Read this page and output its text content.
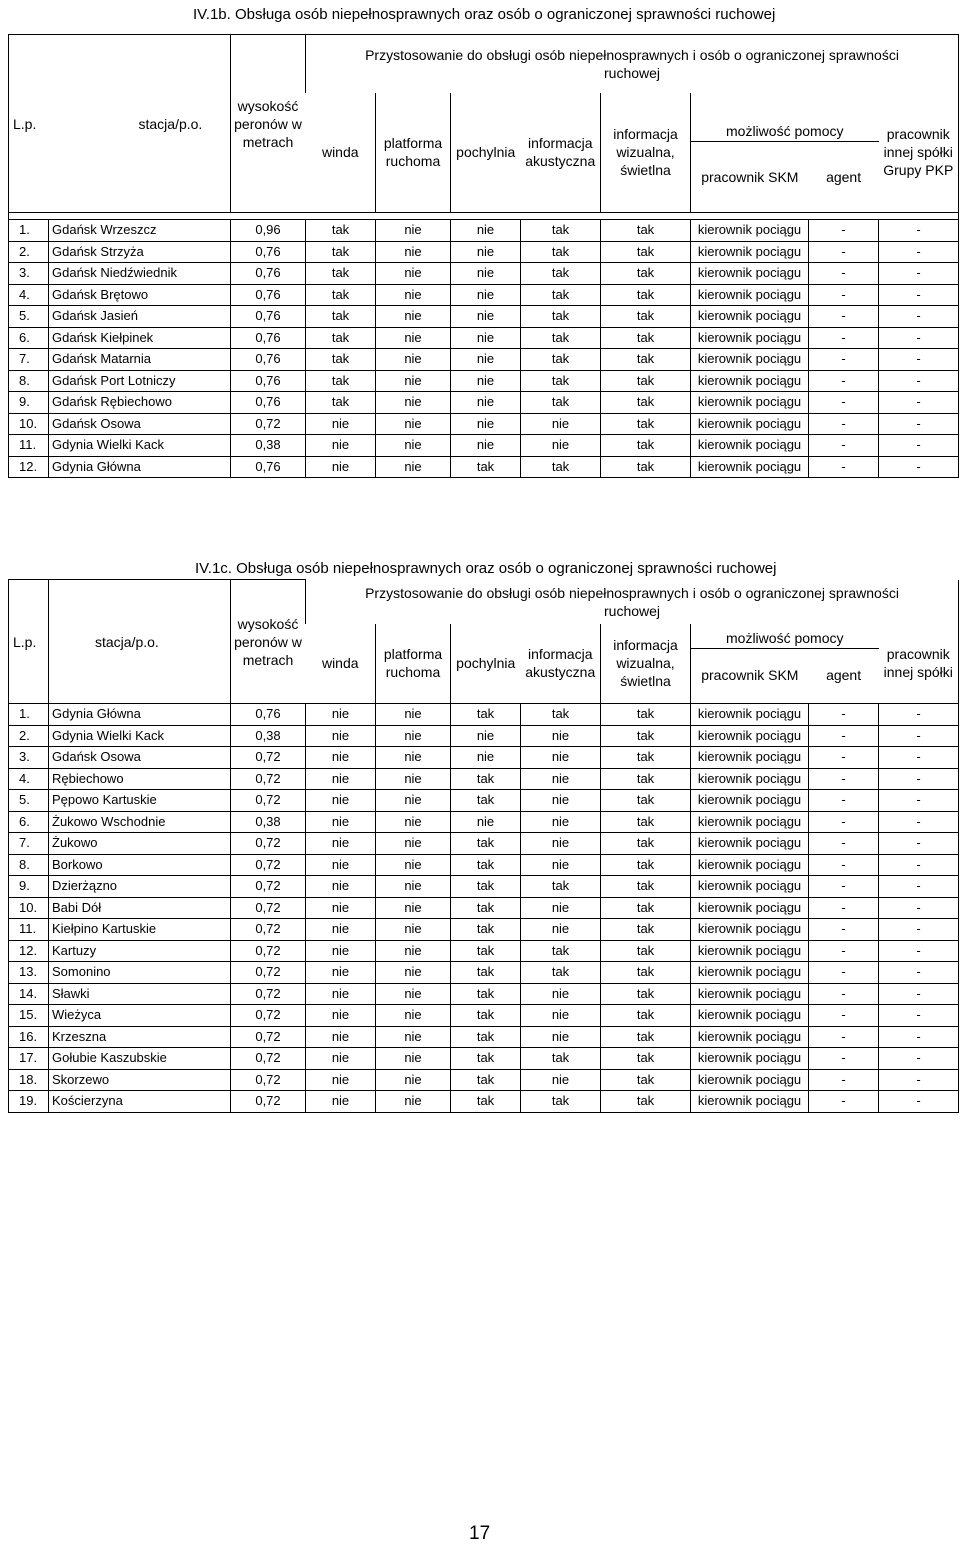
IV.1b. Obsługa osób niepełnosprawnych oraz osób o ograniczonej sprawności ruchowej
L.p.	stacja/p.o.	wysokość peronów w metrach	Przystosowanie do obsługi osób niepełnosprawnych i osób o ograniczonej sprawności ruchowej							
			winda	platforma ruchoma	pochylnia	informacja akustyczna	informacja wizualna, świetlna	możliwość pomocy
pracownik SKM agent		pracownik innej spółki Grupy PKP

1.	Gdańsk Wrzeszcz	0,96	tak	nie	nie	tak	tak	kierownik pociągu	-	-
2.	Gdańsk Strzyża	0,76	tak	nie	nie	tak	tak	kierownik pociągu	-	-
3.	Gdańsk Niedźwiednik	0,76	tak	nie	nie	tak	tak	kierownik pociągu	-	-
4.	Gdańsk Brętowo	0,76	tak	nie	nie	tak	tak	kierownik pociągu	-	-
5.	Gdańsk Jasień	0,76	tak	nie	nie	tak	tak	kierownik pociągu	-	-
6.	Gdańsk Kiełpinek	0,76	tak	nie	nie	tak	tak	kierownik pociągu	-	-
7.	Gdańsk Matarnia	0,76	tak	nie	nie	tak	tak	kierownik pociągu	-	-
8.	Gdańsk Port Lotniczy	0,76	tak	nie	nie	tak	tak	kierownik pociągu	-	-
9.	Gdańsk Rębiechowo	0,76	tak	nie	nie	tak	tak	kierownik pociągu	-	-
10.	Gdańsk Osowa	0,72	nie	nie	nie	nie	tak	kierownik pociągu	-	-
11.	Gdynia Wielki Kack	0,38	nie	nie	nie	nie	tak	kierownik pociągu	-	-
12.	Gdynia Główna	0,76	nie	nie	tak	tak	tak	kierownik pociągu	-	-
IV.1c. Obsługa osób niepełnosprawnych oraz osób o ograniczonej sprawności ruchowej
L.p.	stacja/p.o.	wysokość peronów w metrach	Przystosowanie do obsługi osób niepełnosprawnych i osób o ograniczonej sprawności ruchowej							
			winda	platforma ruchoma	pochylnia	informacja akustyczna	informacja wizualna, świetlna	możliwość pomocy
pracownik SKM agent		pracownik innej spółki
1.	Gdynia Główna	0,76	nie	nie	tak	tak	tak	kierownik pociągu	-	-
2.	Gdynia Wielki Kack	0,38	nie	nie	nie	nie	tak	kierownik pociągu	-	-
3.	Gdańsk Osowa	0,72	nie	nie	nie	nie	tak	kierownik pociągu	-	-
4.	Rębiechowo	0,72	nie	nie	tak	nie	tak	kierownik pociągu	-	-
5.	Pępowo Kartuskie	0,72	nie	nie	tak	nie	tak	kierownik pociągu	-	-
6.	Żukowo Wschodnie	0,38	nie	nie	nie	nie	tak	kierownik pociągu	-	-
7.	Żukowo	0,72	nie	nie	tak	nie	tak	kierownik pociągu	-	-
8.	Borkowo	0,72	nie	nie	tak	nie	tak	kierownik pociągu	-	-
9.	Dzierżązno	0,72	nie	nie	tak	tak	tak	kierownik pociągu	-	-
10.	Babi Dół	0,72	nie	nie	tak	nie	tak	kierownik pociągu	-	-
11.	Kiełpino Kartuskie	0,72	nie	nie	tak	nie	tak	kierownik pociągu	-	-
12.	Kartuzy	0,72	nie	nie	tak	tak	tak	kierownik pociągu	-	-
13.	Somonino	0,72	nie	nie	tak	tak	tak	kierownik pociągu	-	-
14.	Sławki	0,72	nie	nie	tak	nie	tak	kierownik pociągu	-	-
15.	Wieżyca	0,72	nie	nie	tak	nie	tak	kierownik pociągu	-	-
16.	Krzeszna	0,72	nie	nie	tak	nie	tak	kierownik pociągu	-	-
17.	Gołubie Kaszubskie	0,72	nie	nie	tak	tak	tak	kierownik pociągu	-	-
18.	Skorzewo	0,72	nie	nie	tak	nie	tak	kierownik pociągu	-	-
19.	Kościerzyna	0,72	nie	nie	tak	tak	tak	kierownik pociągu	-	-
17
